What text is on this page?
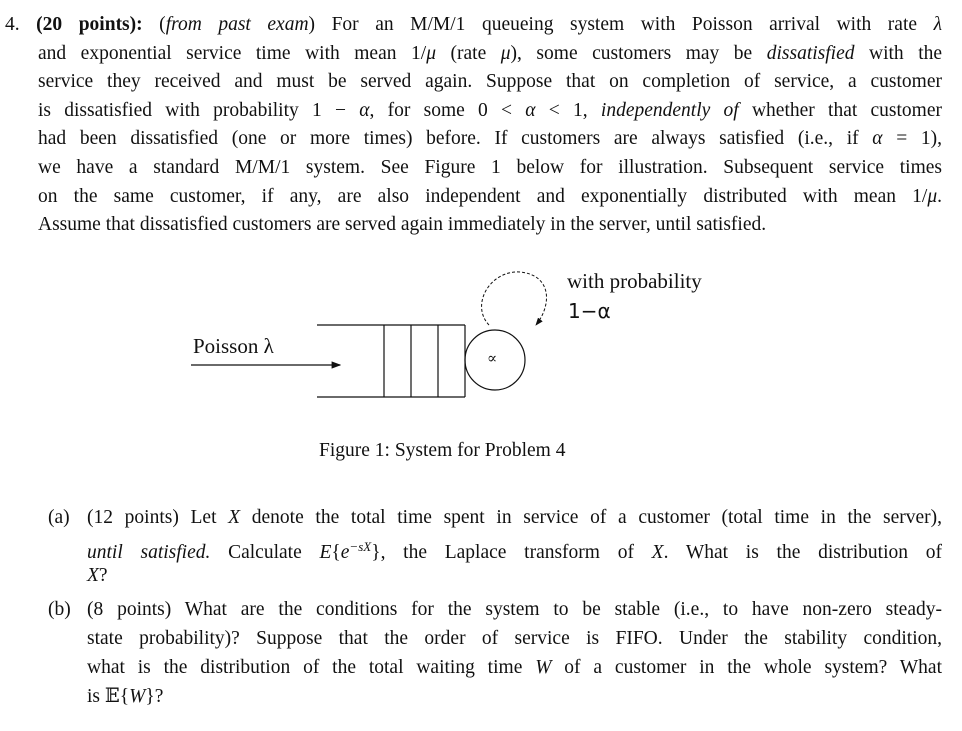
4. (20 points): (from past exam) For an M/M/1 queueing system with Poisson arrival with rate λ
and exponential service time with mean 1/μ (rate μ), some customers may be dissatisfied with the
service they received and must be served again. Suppose that on completion of service, a customer
is dissatisfied with probability 1 − α, for some 0 < α < 1, independently of whether that customer
had been dissatisfied (one or more times) before. If customers are always satisfied (i.e., if α = 1),
we have a standard M/M/1 system. See Figure 1 below for illustration. Subsequent service times
on the same customer, if any, are also independent and exponentially distributed with mean 1/μ.
Assume that dissatisfied customers are served again immediately in the server, until satisfied.
Poisson λ
∝
with probability
1−α
Figure 1: System for Problem 4
(a) (12 points) Let X denote the total time spent in service of a customer (total time in the server),
until satisfied. Calculate $E\{e^{-sX}\}$, the Laplace transform of X. What is the distribution of
X?
(b) (8 points) What are the conditions for the system to be stable (i.e., to have non-zero steady-
state probability)? Suppose that the order of service is FIFO. Under the stability condition,
what is the distribution of the total waiting time W of a customer in the whole system? What
is 𝔼{W}?
